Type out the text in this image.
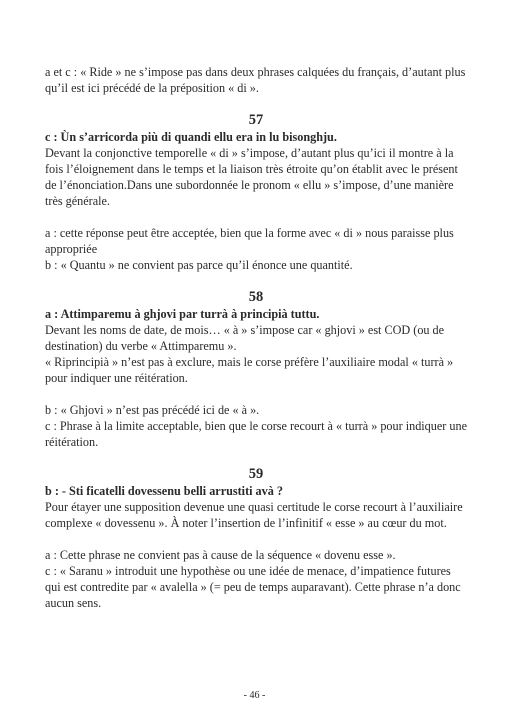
a et c : « Ride » ne s’impose pas dans deux phrases calquées du français, d’autant plus qu’il est ici précédé de la préposition « di ».

57

c : Ùn s’arricorda più di quandi ellu era in lu bisonghju.

Devant la conjonctive temporelle « di » s’impose, d’autant plus qu’ici il montre à la fois l’éloignement dans le temps et la liaison très étroite qu’on établit avec le présent de l’énonciation.Dans une subordonnée le pronom « ellu » s’impose, d’une manière très générale.

a : cette réponse peut être acceptée, bien que la forme avec « di » nous paraisse plus appropriée

b : « Quantu » ne convient pas parce qu’il énonce une quantité.

58

a : Attimparemu à ghjovi par turrà à principià tuttu.

Devant les noms de date, de mois… « à » s’impose car « ghjovi » est COD (ou de destination) du verbe « Attimparemu ».

« Riprincipià » n’est pas à exclure, mais le corse préfère l’auxiliaire modal « turrà » pour indiquer une réitération.

b : « Ghjovi » n’est pas précédé ici de « à ».

c : Phrase à la limite acceptable, bien que le corse recourt à « turrà » pour indiquer une réitération.

59

b : - Sti ficatelli dovessenu belli arrustiti avà ?

Pour étayer une supposition devenue une quasi certitude le corse recourt à l’auxiliaire complexe « dovessenu ». À noter l’insertion de l’infinitif « esse » au cœur du mot.

a : Cette phrase ne convient pas à cause de la séquence « dovenu esse ».

c : « Saranu » introduit une hypothèse ou une idée de menace, d’impatience futures qui est contredite par « avalella » (= peu de temps auparavant). Cette phrase n’a donc aucun sens.

- 46 -
